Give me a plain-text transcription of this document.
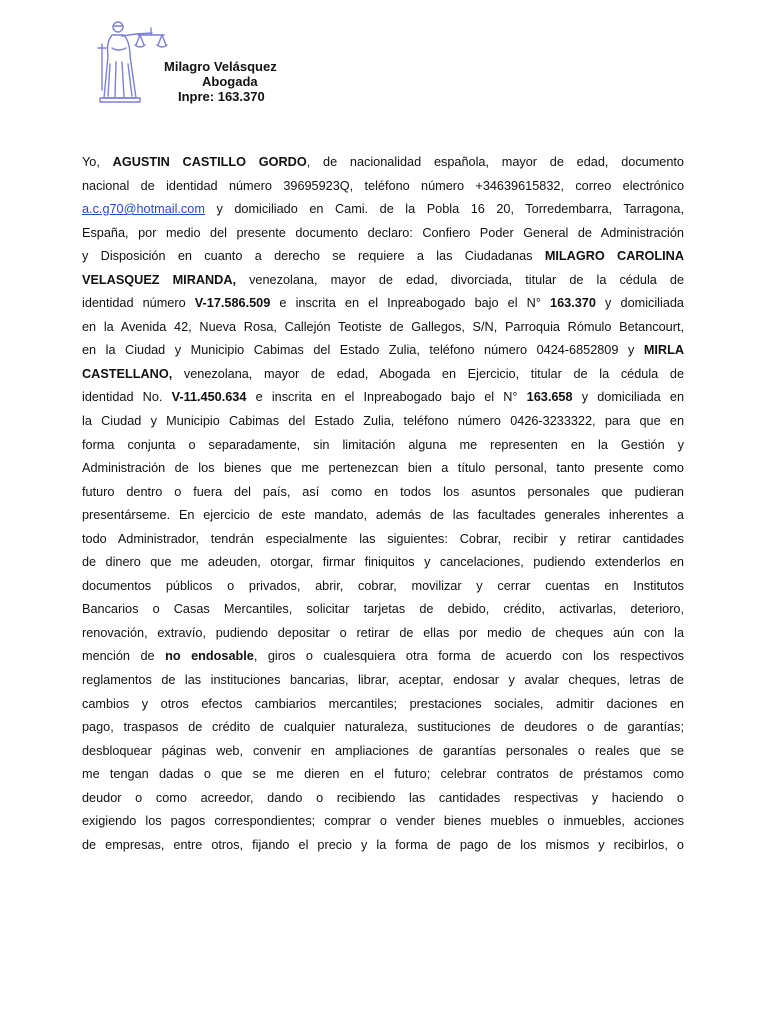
Milagro Velásquez
Abogada
Inpre: 163.370
Yo, AGUSTIN CASTILLO GORDO, de nacionalidad española, mayor de edad, documento
nacional de identidad número 39695923Q, teléfono número +34639615832, correo electrónico
a.c.g70@hotmail.com y domiciliado en Cami. de la Pobla 16 20, Torredembarra, Tarragona,
España, por medio del presente documento declaro: Confiero Poder General de Administración
y Disposición en cuanto a derecho se requiere a las Ciudadanas MILAGRO CAROLINA
VELASQUEZ MIRANDA, venezolana, mayor de edad, divorciada, titular de la cédula de
identidad número V-17.586.509 e inscrita en el Inpreabogado bajo el N° 163.370 y domiciliada
en la Avenida 42, Nueva Rosa, Callejón Teotiste de Gallegos, S/N, Parroquia Rómulo Betancourt,
en la Ciudad y Municipio Cabimas del Estado Zulia, teléfono número 0424-6852809 y MIRLA
CASTELLANO, venezolana, mayor de edad, Abogada en Ejercicio, titular de la cédula de
identidad No. V-11.450.634 e inscrita en el Inpreabogado bajo el N° 163.658 y domiciliada en
la Ciudad y Municipio Cabimas del Estado Zulia, teléfono número 0426-3233322, para que en
forma conjunta o separadamente, sin limitación alguna me representen en la Gestión y
Administración de los bienes que me pertenezcan bien a título personal, tanto presente como
futuro dentro o fuera del país, así como en todos los asuntos personales que pudieran
presentárseme. En ejercicio de este mandato, además de las facultades generales inherentes a
todo Administrador, tendrán especialmente las siguientes: Cobrar, recibir y retirar cantidades
de dinero que me adeuden, otorgar, firmar finiquitos y cancelaciones, pudiendo extenderlos en
documentos públicos o privados, abrir, cobrar, movilizar y cerrar cuentas en Institutos
Bancarios o Casas Mercantiles, solicitar tarjetas de debido, crédito, activarlas, deterioro,
renovación, extravío, pudiendo depositar o retirar de ellas por medio de cheques aún con la
mención de no endosable, giros o cualesquiera otra forma de acuerdo con los respectivos
reglamentos de las instituciones bancarias, librar, aceptar, endosar y avalar cheques, letras de
cambios y otros efectos cambiarios mercantiles; prestaciones sociales, admitir daciones en
pago, traspasos de crédito de cualquier naturaleza, sustituciones de deudores o de garantías;
desbloquear páginas web, convenir en ampliaciones de garantías personales o reales que se
me tengan dadas o que se me dieren en el futuro; celebrar contratos de préstamos como
deudor o como acreedor, dando o recibiendo las cantidades respectivas y haciendo o
exigiendo los pagos correspondientes; comprar o vender bienes muebles o inmuebles, acciones
de empresas, entre otros, fijando el precio y la forma de pago de los mismos y recibirlos, o
